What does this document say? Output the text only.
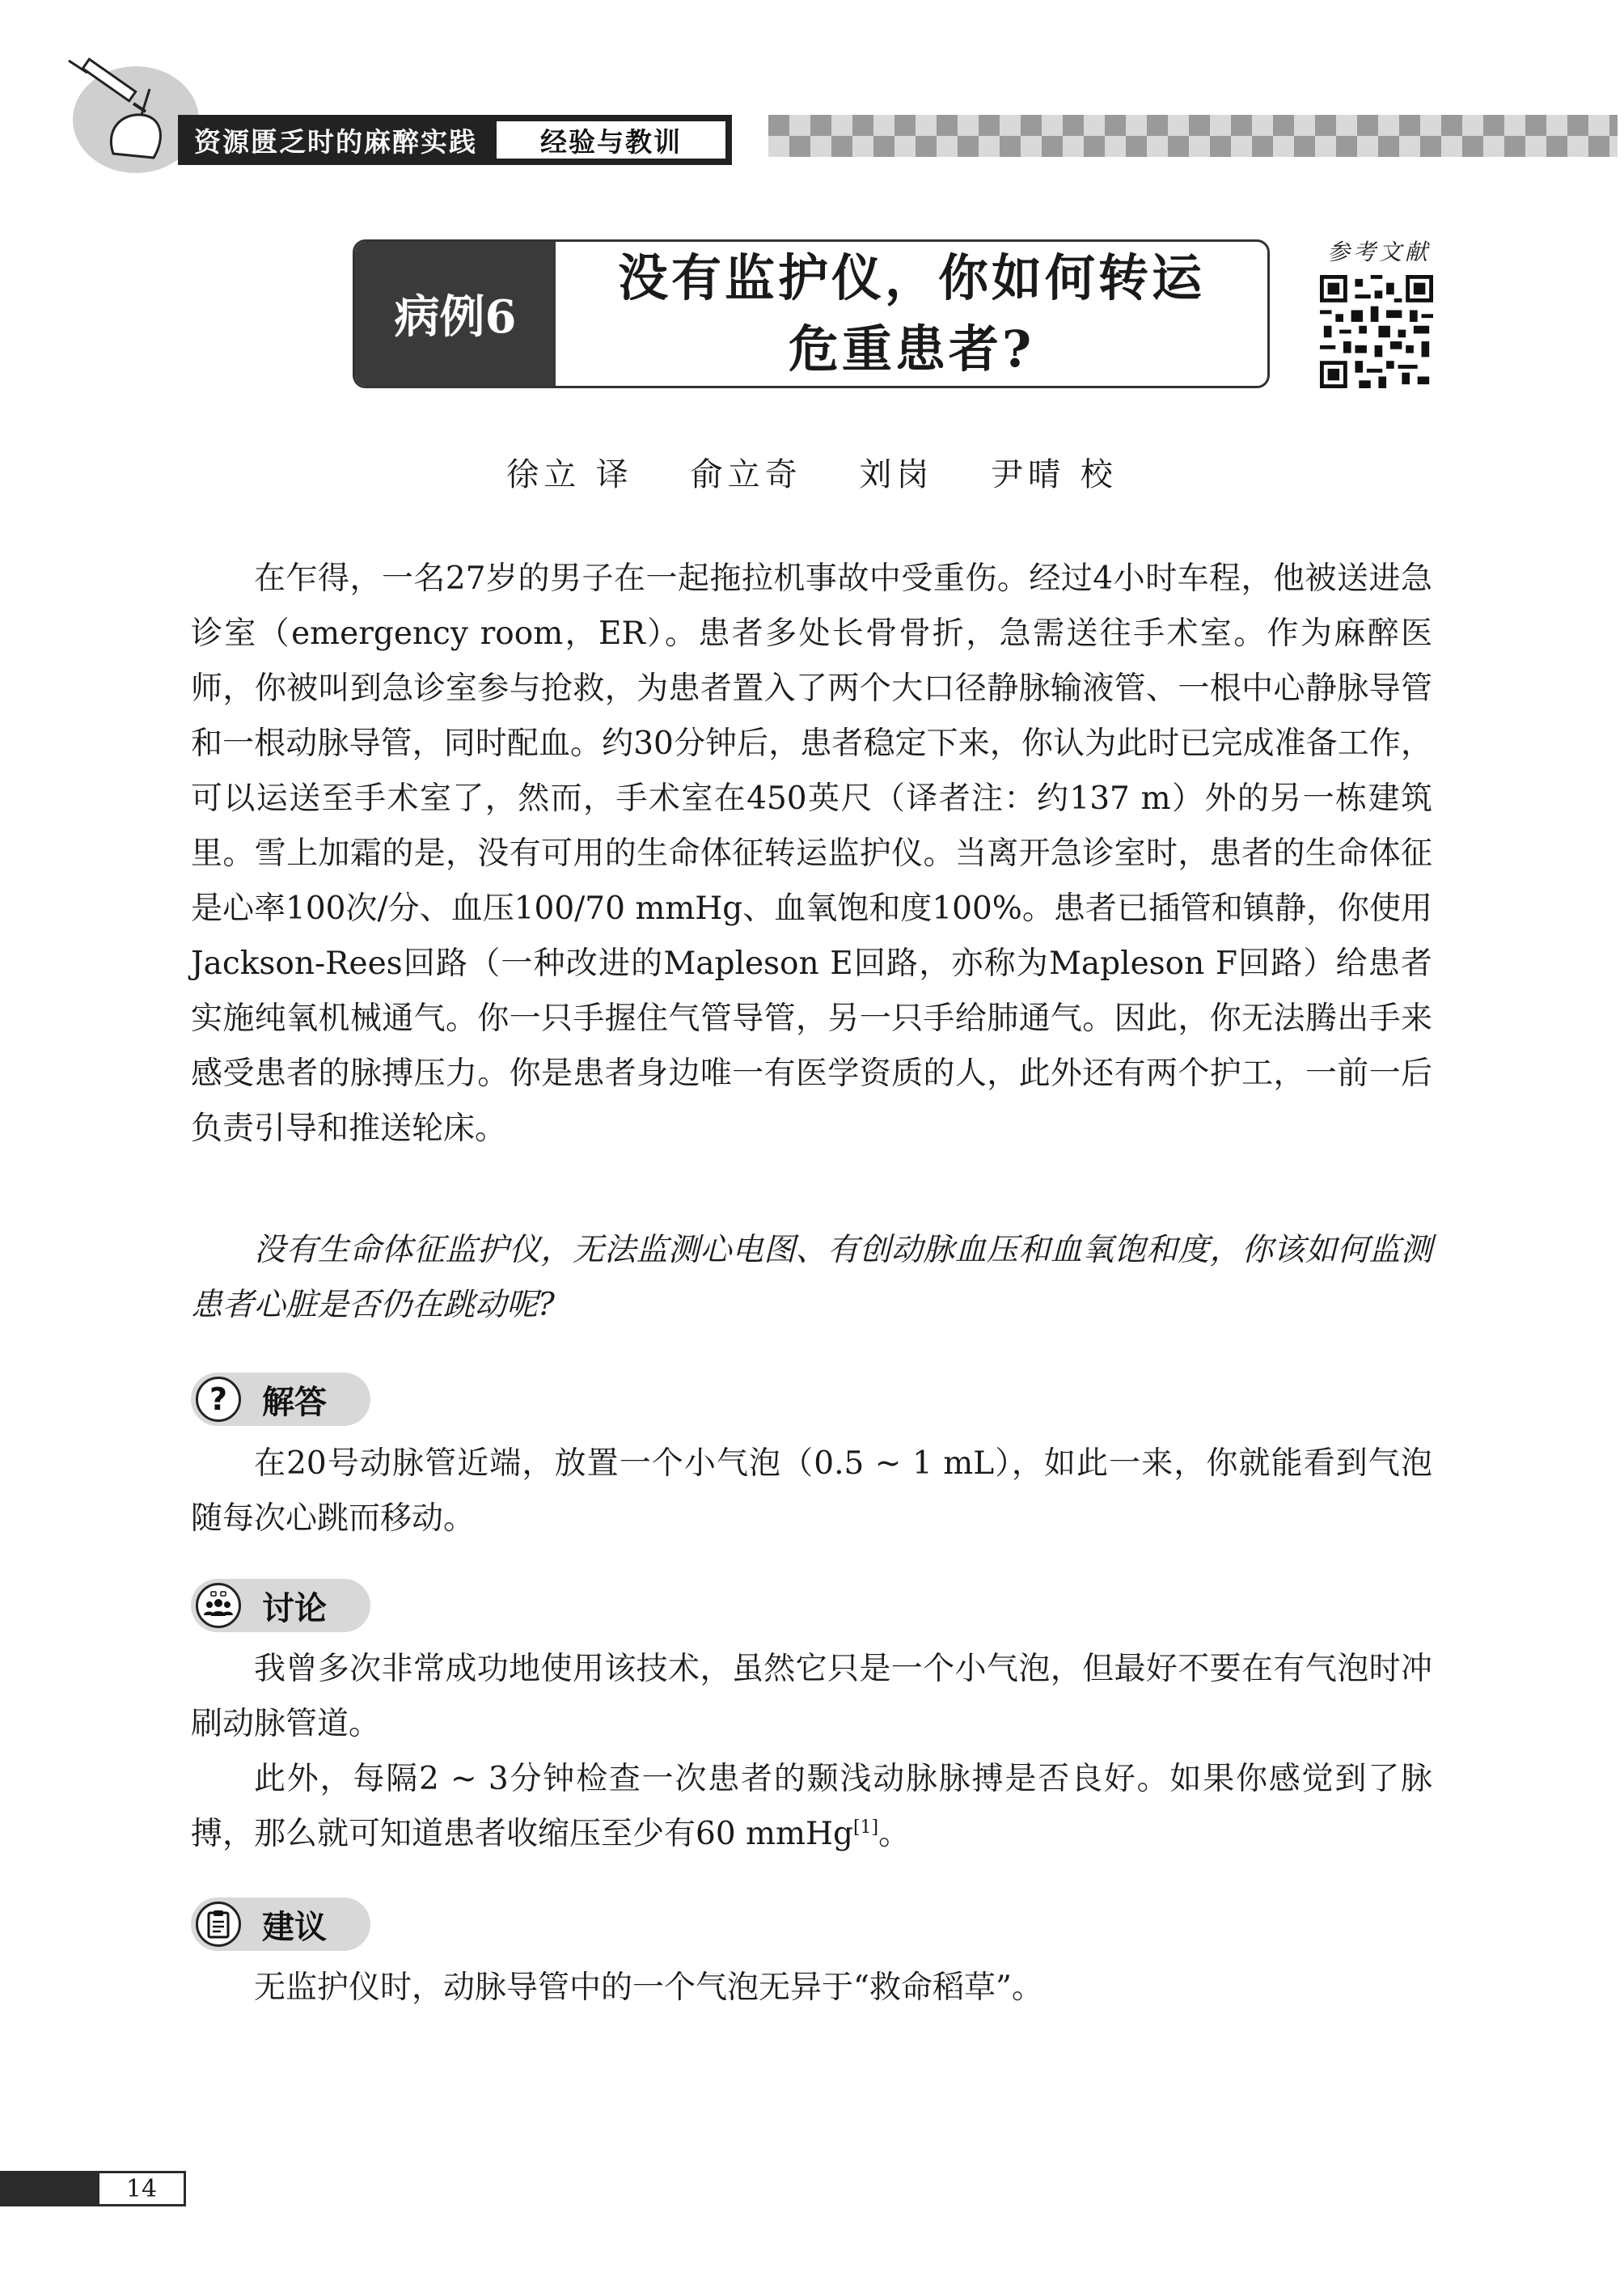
资源匮乏时的麻醉实践	经验与教训
病例6
没有监护仪，你如何转运
危重患者?
参考文献
徐立 译 俞立奇 刘岗 尹晴 校
在乍得，一名27岁的男子在一起拖拉机事故中受重伤。经过4小时车程，他被送进急诊室（emergency room，ER）。患者多处长骨骨折，急需送往手术室。作为麻醉医师，你被叫到急诊室参与抢救，为患者置入了两个大口径静脉输液管、一根中心静脉导管和一根动脉导管，同时配血。约30分钟后，患者稳定下来，你认为此时已完成准备工作，可以运送至手术室了，然而，手术室在450英尺（译者注：约137 m）外的另一栋建筑里。雪上加霜的是，没有可用的生命体征转运监护仪。当离开急诊室时，患者的生命体征是心率100次/分、血压100/70 mmHg、血氧饱和度100%。患者已插管和镇静，你使用Jackson-Rees回路（一种改进的Mapleson E回路，亦称为Mapleson F回路）给患者实施纯氧机械通气。你一只手握住气管导管，另一只手给肺通气。因此，你无法腾出手来感受患者的脉搏压力。你是患者身边唯一有医学资质的人，此外还有两个护工，一前一后负责引导和推送轮床。
没有生命体征监护仪，无法监测心电图、有创动脉血压和血氧饱和度，你该如何监测患者心脏是否仍在跳动呢?
?	解答
在20号动脉管近端，放置一个小气泡（0.5 ~ 1 mL），如此一来，你就能看到气泡随每次心跳而移动。
讨论
我曾多次非常成功地使用该技术，虽然它只是一个小气泡，但最好不要在有气泡时冲刷动脉管道。
此外，每隔2 ~ 3分钟检查一次患者的颞浅动脉脉搏是否良好。如果你感觉到了脉搏，那么就可知道患者收缩压至少有60 mmHg[1]。
建议
无监护仪时，动脉导管中的一个气泡无异于“救命稻草”。
14
